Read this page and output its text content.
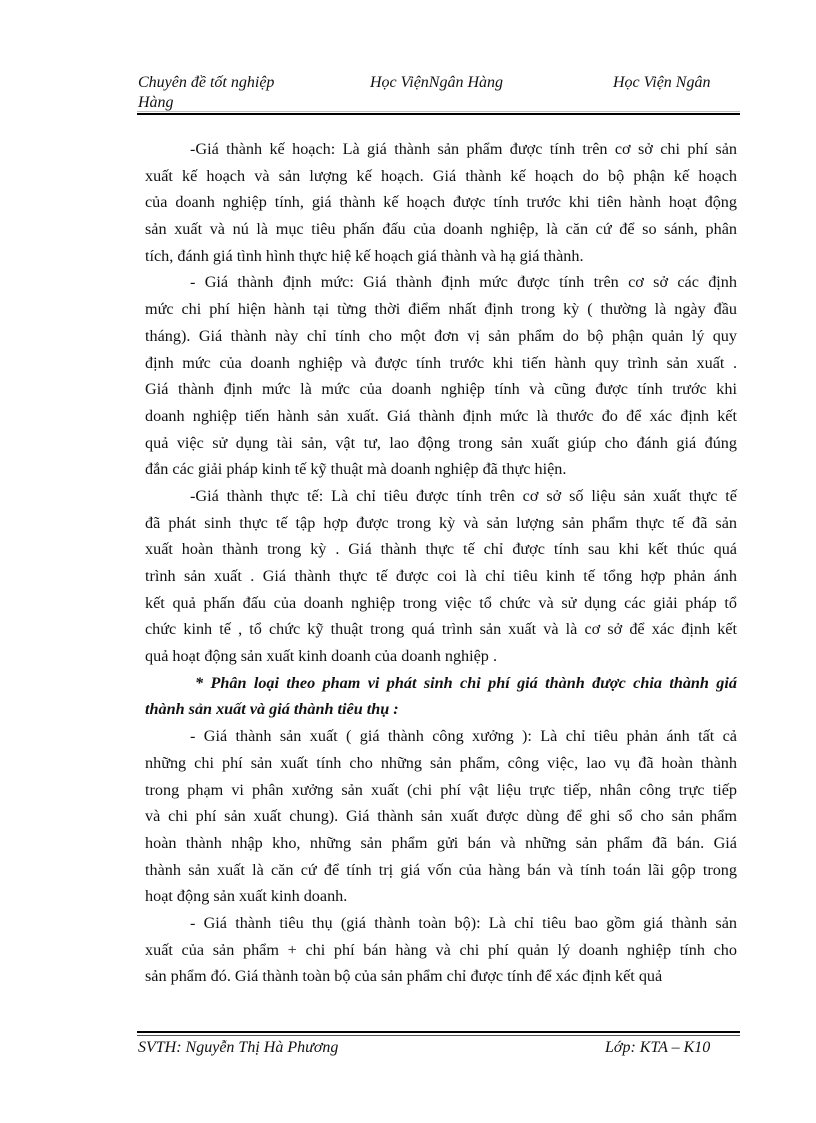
Chuyên đề tốt nghiệp
Hàng
Học ViệnNgân Hàng	Học Viện Ngân
-Giá thành kế hoạch: Là giá thành sản phẩm được tính trên cơ sở chi phí sản
xuất kế hoạch và sản lượng kế hoạch. Giá thành kế hoạch do bộ phận kế hoạch
của doanh nghiệp tính, giá thành kế hoạch được tính trước khi tiên hành hoạt động
sản xuất và nú là mục tiêu phấn đấu của doanh nghiệp, là căn cứ để so sánh, phân
tích, đánh giá tình hình thực hiệ kế hoạch giá thành và hạ giá thành.
- Giá thành định mức: Giá thành định mức được tính trên cơ sở các định
mức chi phí hiện hành tại từng thời điểm nhất định trong kỳ ( thường là ngày đầu
tháng). Giá thành này chỉ tính cho một đơn vị sản phẩm do bộ phận quản lý quy
định mức của doanh nghiệp và được tính trước khi tiến hành quy trình sản xuất .
Giá thành định mức là mức của doanh nghiệp tính và cũng được tính trước khi
doanh nghiệp tiến hành sản xuất. Giá thành định mức là thước đo để xác định kết
quả việc sử dụng tài sản, vật tư, lao động trong sản xuất giúp cho đánh giá đúng
đắn các giải pháp kinh tế kỹ thuật mà doanh nghiệp đã thực hiện.
-Giá thành thực tế: Là chỉ tiêu được tính trên cơ sở số liệu sản xuất thực tế
đã phát sinh thực tế tập hợp được trong kỳ và sản lượng sản phẩm thực tế đã sản
xuất hoàn thành trong kỳ . Giá thành thực tế chỉ được tính sau khi kết thúc quá
trình sản xuất . Giá thành thực tế được coi là chỉ tiêu kinh tế tổng hợp phản ánh
kết quả phấn đấu của doanh nghiệp trong việc tổ chức và sử dụng các giải pháp tổ
chức kinh tế , tổ chức kỹ thuật trong quá trình sản xuất và là cơ sở để xác định kết
quả hoạt động sản xuất kinh doanh của doanh nghiệp .
* Phân loại theo pham vi phát sinh chi phí giá thành được chia thành giá
thành sản xuất và giá thành tiêu thụ :
- Giá thành sản xuất ( giá thành công xưởng ): Là chỉ tiêu phản ánh tất cả
những chi phí sản xuất tính cho những sản phẩm, công việc, lao vụ đã hoàn thành
trong phạm vi phân xưởng sản xuất (chi phí vật liệu trực tiếp, nhân công trực tiếp
và chi phí sản xuất chung). Giá thành sản xuất được dùng để ghi sổ cho sản phẩm
hoàn thành nhập kho, những sản phẩm gửi bán và những sản phẩm đã bán. Giá
thành sản xuất là căn cứ để tính trị giá vốn của hàng bán và tính toán lãi gộp trong
hoạt động sản xuất kinh doanh.
- Giá thành tiêu thụ (giá thành toàn bộ): Là chỉ tiêu bao gồm giá thành sản
xuất của sản phẩm + chi phí bán hàng và chi phí quản lý doanh nghiệp tính cho
sản phẩm đó. Giá thành toàn bộ của sản phẩm chỉ được tính để xác định kết quả
SVTH: Nguyễn Thị Hà Phương	Lớp: KTA – K10
